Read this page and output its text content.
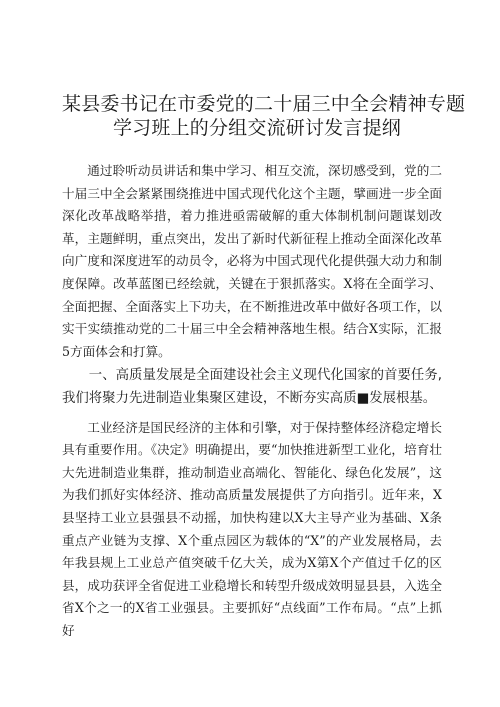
某县委书记在市委党的二十届三中全会精神专题
学习班上的分组交流研讨发言提纲

通过聆听动员讲话和集中学习、相互交流，深切感受到，党的二十届三中全会紧紧围绕推进中国式现代化这个主题，擘画进一步全面深化改革战略举措，着力推进亟需破解的重大体制机制问题谋划改革，主题鲜明，重点突出，发出了新时代新征程上推动全面深化改革向广度和深度进军的动员令，必将为中国式现代化提供强大动力和制度保障。改革蓝图已经绘就，关键在于狠抓落实。X将在全面学习、全面把握、全面落实上下功夫，在不断推进改革中做好各项工作，以实干实绩推动党的二十届三中全会精神落地生根。结合X实际，汇报5方面体会和打算。

一、高质量发展是全面建设社会主义现代化国家的首要任务,我们将聚力先进制造业集聚区建设，不断夯实高质■发展根基。

工业经济是国民经济的主体和引擎，对于保持整体经济稳定增长具有重要作用。《决定》明确提出，要“加快推进新型工业化，培育壮大先进制造业集群，推动制造业高端化、智能化、绿色化发展”，这为我们抓好实体经济、推动高质量发展提供了方向指引。近年来，X县坚持工业立县强县不动摇，加快构建以X大主导产业为基础、X条重点产业链为支撑、X个重点园区为载体的“X”的产业发展格局，去年我县规上工业总产值突破千亿大关，成为X第X个产值过千亿的区县，成功获评全省促进工业稳增长和转型升级成效明显县县，入选全省X个之一的X省工业强县。主要抓好“点线面”工作布局。“点”上抓好
